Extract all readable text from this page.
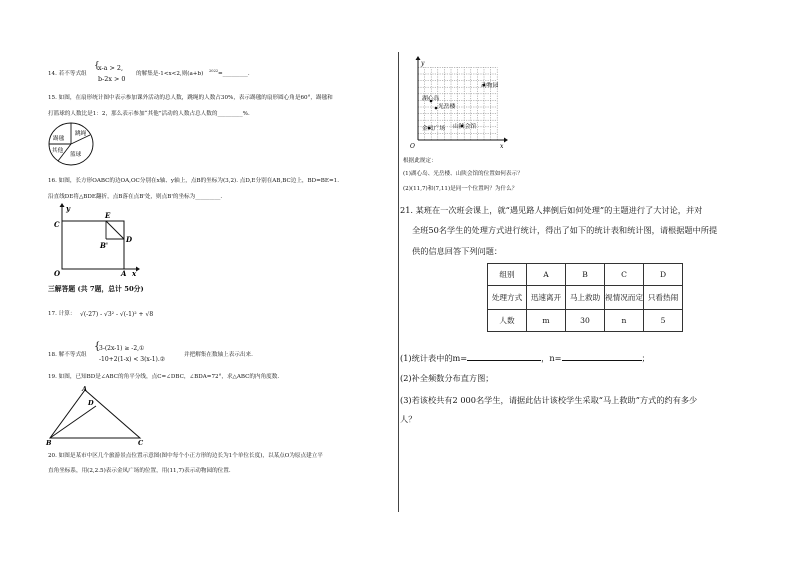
14. 若不等式组
{
x-a > 2,
b-2x > 0
的解集是-1<x<2,则(a+b) 2022 =_________.
15. 如图，在扇形统计图中表示参加课外活动的总人数，跳绳的人数占30%，表示踢毽的扇形圆心角是60°，踢毽和
打篮球的人数比是1：2，那么表示参加“其他”活动的人数占总人数的_________%.
踢毽
跳绳
其他
篮球
16. 如图，长方形OABC的边OA,OC分别在x轴、y轴上，点B的坐标为(3,2). 点D,E分别在AB,BC边上，BD=BE=1.
沿直线DE将△BDE翻折，点B落在点B'处，则点B'的坐标为_________.
y
x
C
E
B'
D
O	A
三解答题 (共 7题，总计 50分)
17. 计算： √(-27) - √3² - √(-1)² + √8
18. 解不等式组
{
3-(2x-1) ≥ -2,①
-10+2(1-x) < 3(x-1).②
并把解集在数轴上表示出来.
19. 如图，已知BD是∠ABC的角平分线，点C=∠DBC，∠BDA=72°，求△ABC的内角度数.
A
D
B	C
20. 如图是某市中区几个旅游景点位置示意图(图中每个小正方形的边长为1个单位长度)，以某点O为原点建立平
直角坐标系，用(2,2.5)表示金凤广场的位置，用(11,7)表示动物园的位置.
y
x
O
动物园
湖心岛
光岳楼
金凤广场 山陕会馆
根据此规定：
(1)湖心岛、光岳楼、山陕会馆的位置如何表示？
(2)(11,7)和(7,11)是同一个位置吗？为什么？
21. 某班在一次班会课上，就“遇见路人摔倒后如何处理”的主题进行了大讨论，并对
全班50名学生的处理方式进行统计，得出了如下的统计表和统计图，请根据题中所提
供的信息回答下列问题：
组别	A	B	C	D
处理方式	迅速离开	马上救助	视情况而定	只看热闹
人数	m	30	n	5
(1)统计表中的m=	，n=	；
(2)补全频数分布直方图；
(3)若该校共有2 000名学生，请据此估计该校学生采取“马上救助”方式的约有多少
人？
